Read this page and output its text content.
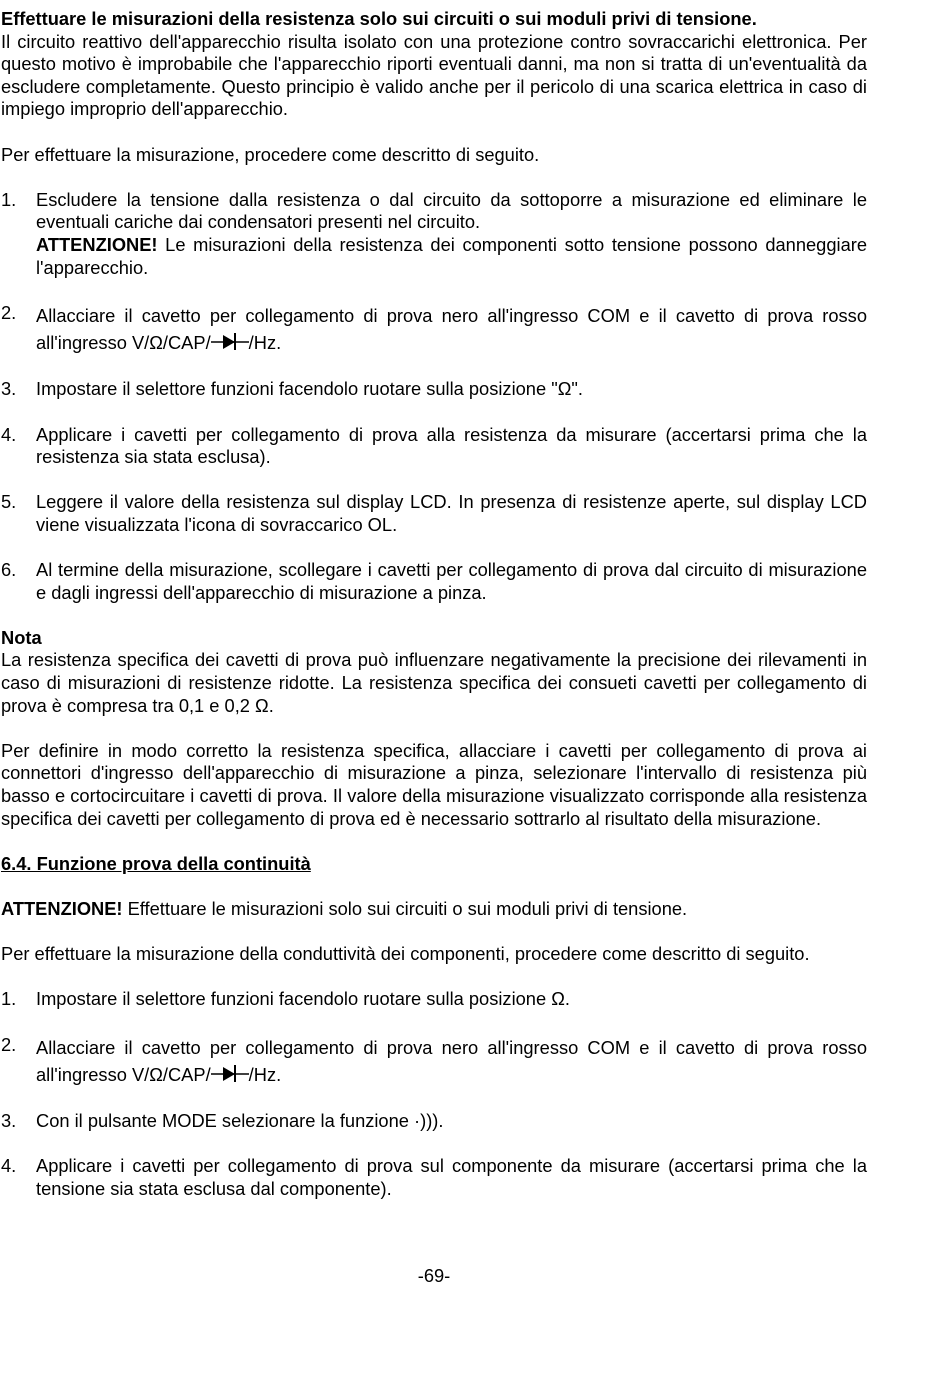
Effettuare le misurazioni della resistenza solo sui circuiti o sui moduli privi di tensione.

Il circuito reattivo dell'apparecchio risulta isolato con una protezione contro sovraccarichi elettronica. Per questo motivo è improbabile che l'apparecchio riporti eventuali danni, ma non si tratta di un'eventualità da escludere completamente. Questo principio è valido anche per il pericolo di una scarica elettrica in caso di impiego improprio dell'apparecchio.

Per effettuare la misurazione, procedere come descritto di seguito.

1. Escludere la tensione dalla resistenza o dal circuito da sottoporre a misurazione ed eliminare le eventuali cariche dai condensatori presenti nel circuito.

ATTENZIONE! Le misurazioni della resistenza dei componenti sotto tensione possono danneggiare l'apparecchio.

2. Allacciare il cavetto per collegamento di prova nero all'ingresso COM e il cavetto di prova rosso all'ingresso V/Ω/CAP/ /Hz.

3. Impostare il selettore funzioni facendolo ruotare sulla posizione "Ω".

4. Applicare i cavetti per collegamento di prova alla resistenza da misurare (accertarsi prima che la resistenza sia stata esclusa).

5. Leggere il valore della resistenza sul display LCD. In presenza di resistenze aperte, sul display LCD viene visualizzata l'icona di sovraccarico OL.

6. Al termine della misurazione, scollegare i cavetti per collegamento di prova dal circuito di misurazione e dagli ingressi dell'apparecchio di misurazione a pinza.

Nota

La resistenza specifica dei cavetti di prova può influenzare negativamente la precisione dei rilevamenti in caso di misurazioni di resistenze ridotte. La resistenza specifica dei consueti cavetti per collegamento di prova è compresa tra 0,1 e 0,2 Ω.

Per definire in modo corretto la resistenza specifica, allacciare i cavetti per collegamento di prova ai connettori d'ingresso dell'apparecchio di misurazione a pinza, selezionare l'intervallo di resistenza più basso e cortocircuitare i cavetti di prova. Il valore della misurazione visualizzato corrisponde alla resistenza specifica dei cavetti per collegamento di prova ed è necessario sottrarlo al risultato della misurazione.

6.4. Funzione prova della continuità

ATTENZIONE! Effettuare le misurazioni solo sui circuiti o sui moduli privi di tensione.

Per effettuare la misurazione della conduttività dei componenti, procedere come descritto di seguito.

1. Impostare il selettore funzioni facendolo ruotare sulla posizione Ω.

2. Allacciare il cavetto per collegamento di prova nero all'ingresso COM e il cavetto di prova rosso all'ingresso V/Ω/CAP/ /Hz.

3. Con il pulsante MODE selezionare la funzione ·))).

4. Applicare i cavetti per collegamento di prova sul componente da misurare (accertarsi prima che la tensione sia stata esclusa dal componente).

-69-
